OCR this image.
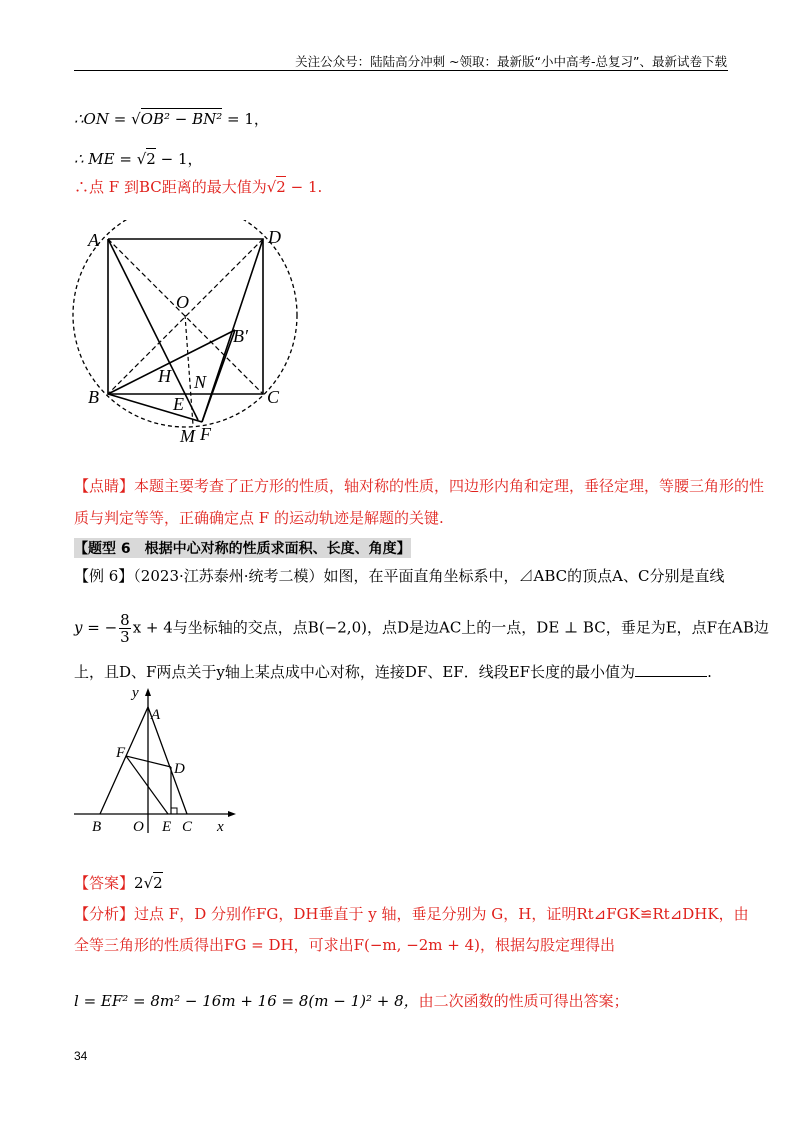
关注公众号：陆陆高分冲刺 ~领取：最新版“小中高考-总复习”、最新试卷下载
∴ON = √OB² − BN² = 1，
∴ ME = √2 − 1，
∴点 F 到BC距离的最大值为√2 − 1.
A	D
O
B′
H N
B	C
E
M F
【点睛】本题主要考查了正方形的性质，轴对称的性质，四边形内角和定理，垂径定理，等腰三角形的性
质与判定等等，正确确定点 F 的运动轨迹是解题的关键.
【题型 6　根据中心对称的性质求面积、长度、角度】
【例 6】（2023·江苏泰州·统考二模）如图，在平面直角坐标系中，⊿ABC的顶点A、C分别是直线
y = − $\frac{8}{3}$ x + 4与坐标轴的交点，点B(−2,0)，点D是边AC上的一点，DE ⊥ BC，垂足为E，点F在AB边
上，且D、F两点关于y轴上某点成中心对称，连接DF、EF．线段EF长度的最小值为	.
y
A
F
D
B O E C x
【答案】2√2
【分析】过点 F，D 分别作FG，DH垂直于 y 轴，垂足分别为 G，H，证明Rt⊿FGK≌Rt⊿DHK，由
全等三角形的性质得出FG = DH，可求出F(−m, −2m + 4)，根据勾股定理得出
l = EF² = 8m² − 16m + 16 = 8(m − 1)² + 8，由二次函数的性质可得出答案；
34
